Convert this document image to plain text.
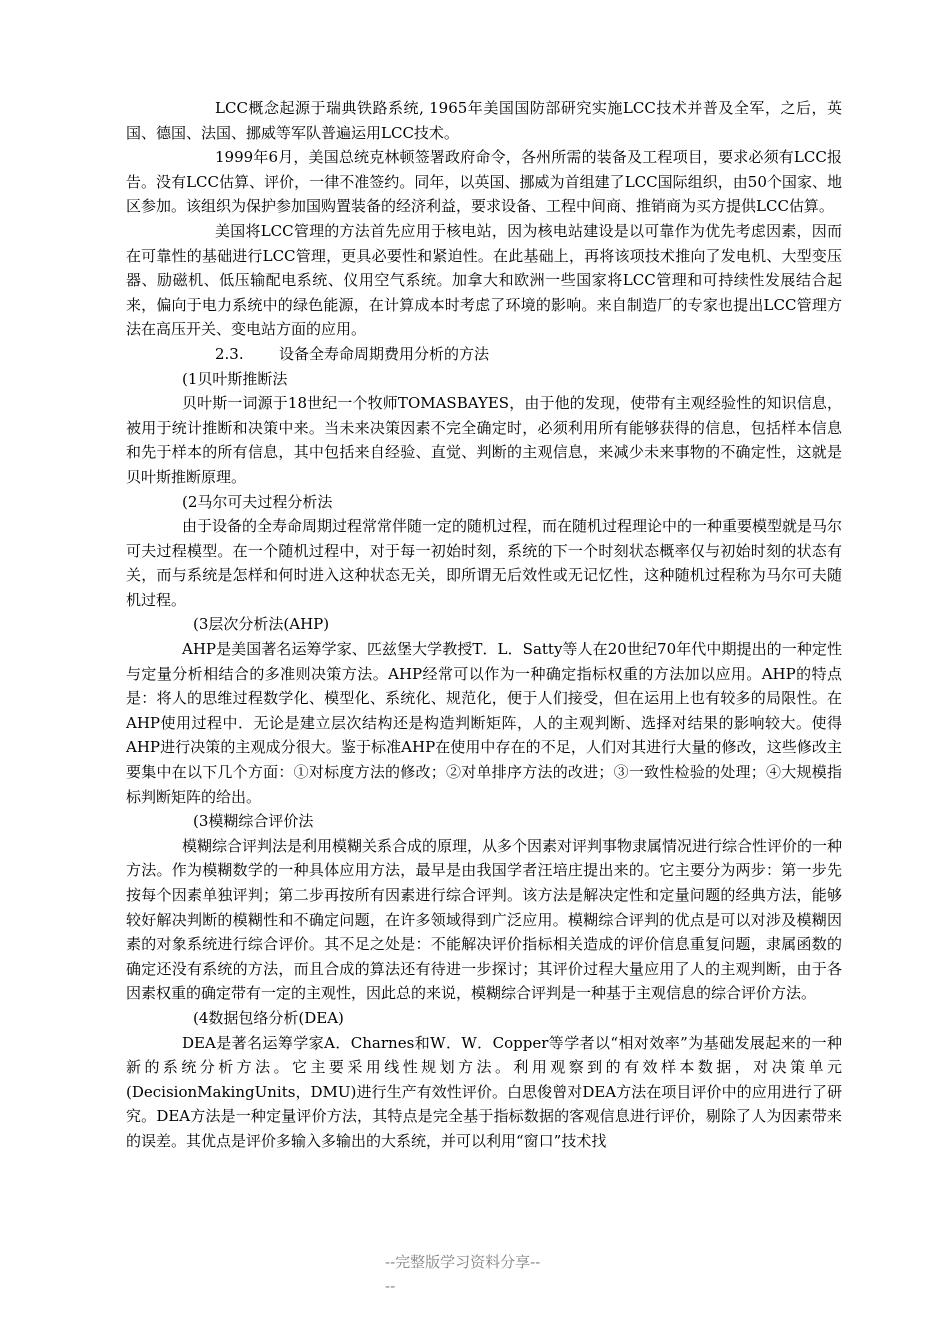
LCC概念起源于瑞典铁路系统, 1965年美国国防部研究实施LCC技术并普及全军，之后，英国、德国、法国、挪威等军队普遍运用LCC技术。

1999年6月，美国总统克林顿签署政府命令，各州所需的装备及工程项目，要求必须有LCC报告。没有LCC估算、评价，一律不准签约。同年，以英国、挪威为首组建了LCC国际组织，由50个国家、地区参加。该组织为保护参加国购置装备的经济利益，要求设备、工程中间商、推销商为买方提供LCC估算。

美国将LCC管理的方法首先应用于核电站，因为核电站建设是以可靠作为优先考虑因素，因而在可靠性的基础进行LCC管理，更具必要性和紧迫性。在此基础上，再将该项技术推向了发电机、大型变压器、励磁机、低压输配电系统、仪用空气系统。加拿大和欧洲一些国家将LCC管理和可持续性发展结合起来，偏向于电力系统中的绿色能源，在计算成本时考虑了环境的影响。来自制造厂的专家也提出LCC管理方法在高压开关、变电站方面的应用。

2.3. 设备全寿命周期费用分析的方法

(1贝叶斯推断法

贝叶斯一词源于18世纪一个牧师TOMASBAYES，由于他的发现，使带有主观经验性的知识信息，被用于统计推断和决策中来。当未来决策因素不完全确定时，必须利用所有能够获得的信息，包括样本信息和先于样本的所有信息，其中包括来自经验、直觉、判断的主观信息，来减少未来事物的不确定性，这就是贝叶斯推断原理。

(2马尔可夫过程分析法

由于设备的全寿命周期过程常常伴随一定的随机过程，而在随机过程理论中的一种重要模型就是马尔可夫过程模型。在一个随机过程中，对于每一初始时刻，系统的下一个时刻状态概率仅与初始时刻的状态有关，而与系统是怎样和何时进入这种状态无关，即所谓无后效性或无记忆性，这种随机过程称为马尔可夫随机过程。

(3层次分析法(AHP)

AHP是美国著名运筹学家、匹兹堡大学教授T．L．Satty等人在20世纪70年代中期提出的一种定性与定量分析相结合的多准则决策方法。AHP经常可以作为一种确定指标权重的方法加以应用。AHP的特点是：将人的思维过程数学化、模型化、系统化、规范化，便于人们接受，但在运用上也有较多的局限性。在AHP使用过程中．无论是建立层次结构还是构造判断矩阵，人的主观判断、选择对结果的影响较大。使得AHP进行决策的主观成分很大。鉴于标准AHP在使用中存在的不足，人们对其进行大量的修改，这些修改主要集中在以下几个方面：①对标度方法的修改；②对单排序方法的改进；③一致性检验的处理；④大规模指标判断矩阵的给出。

(3模糊综合评价法

模糊综合评判法是利用模糊关系合成的原理，从多个因素对评判事物隶属情况进行综合性评价的一种方法。作为模糊数学的一种具体应用方法，最早是由我国学者汪培庄提出来的。它主要分为两步：第一步先按每个因素单独评判；第二步再按所有因素进行综合评判。该方法是解决定性和定量问题的经典方法，能够较好解决判断的模糊性和不确定问题，在许多领域得到广泛应用。模糊综合评判的优点是可以对涉及模糊因素的对象系统进行综合评价。其不足之处是：不能解决评价指标相关造成的评价信息重复问题，隶属函数的确定还没有系统的方法，而且合成的算法还有待进一步探讨；其评价过程大量应用了人的主观判断，由于各因素权重的确定带有一定的主观性，因此总的来说，模糊综合评判是一种基于主观信息的综合评价方法。

(4数据包络分析(DEA)

DEA是著名运筹学家A．Charnes和W．W．Copper等学者以“相对效率”为基础发展起来的一种新的系统分析方法。它主要采用线性规划方法。利用观察到的有效样本数据，对决策单元(DecisionMakingUnits，DMU)进行生产有效性评价。白思俊曾对DEA方法在项目评价中的应用进行了研究。DEA方法是一种定量评价方法，其特点是完全基于指标数据的客观信息进行评价，剔除了人为因素带来的误差。其优点是评价多输入多输出的大系统，并可以利用“窗口”技术找

--完整版学习资料分享----
